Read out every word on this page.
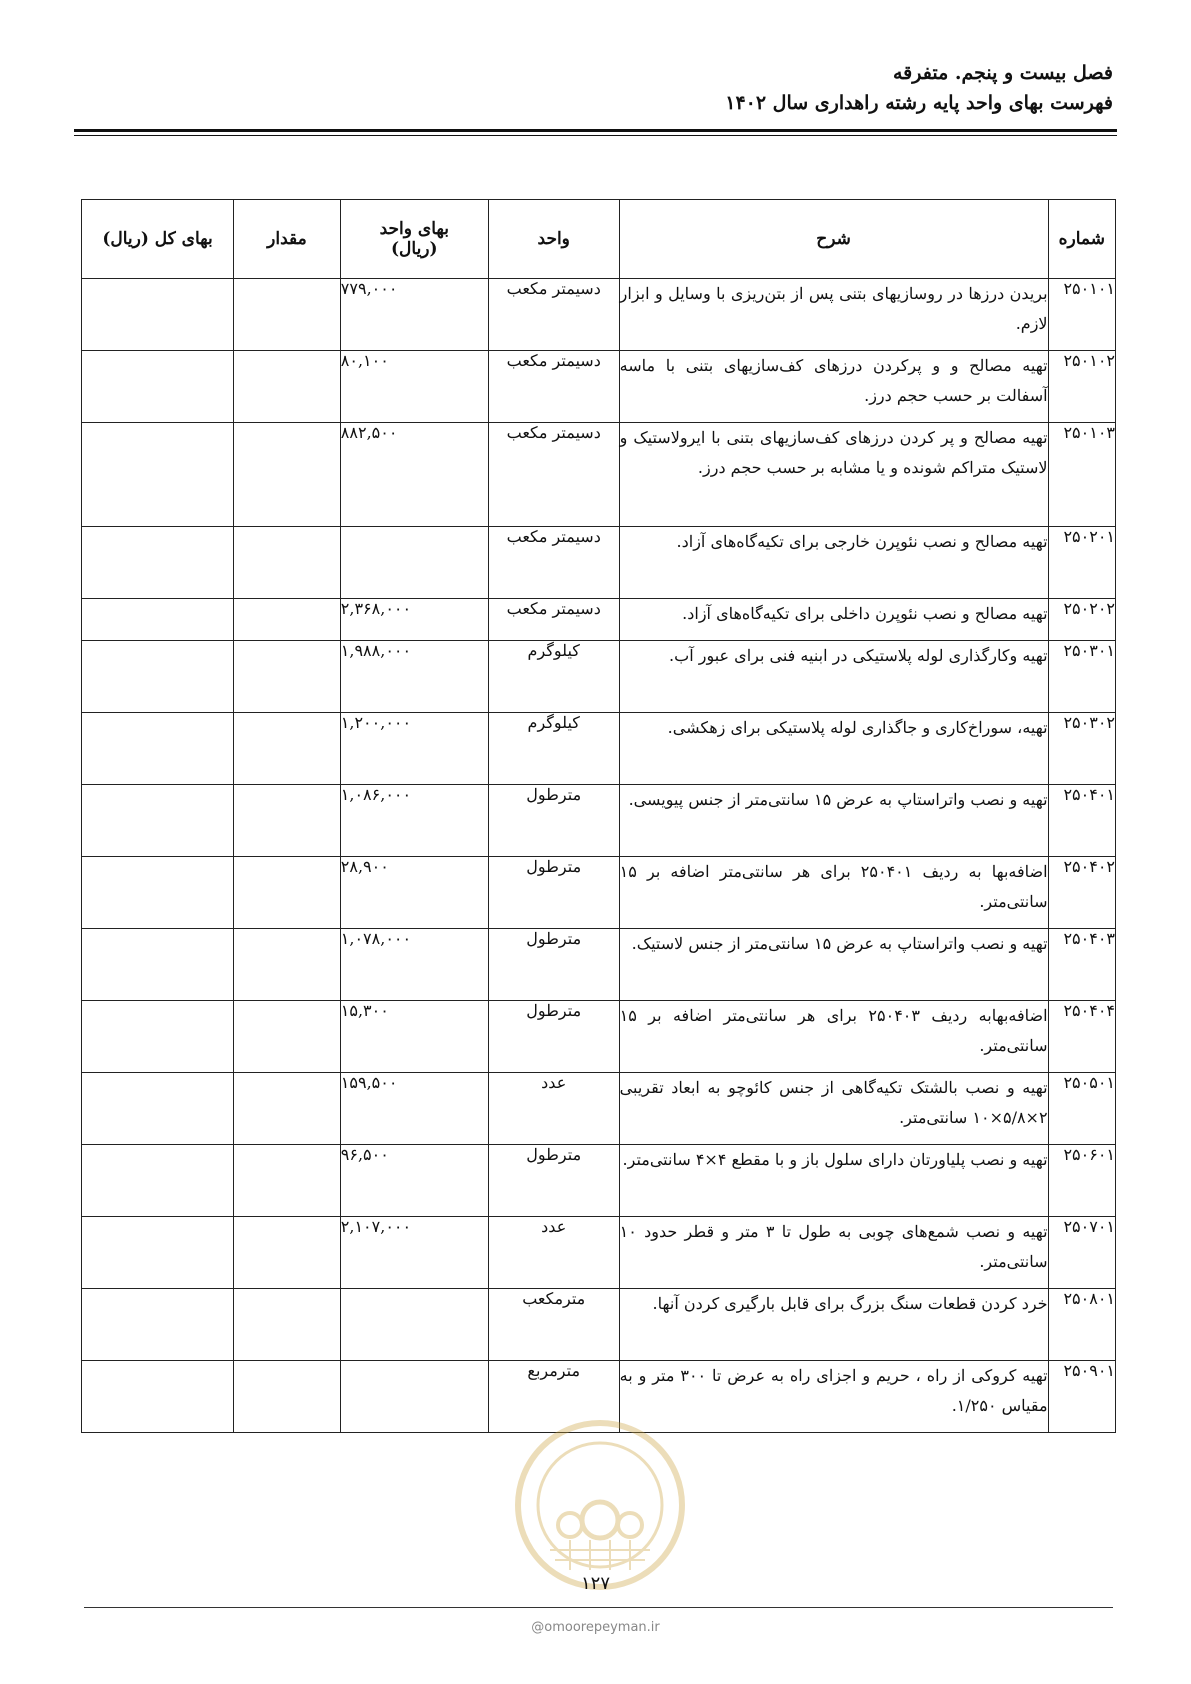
فصل بیست و پنجم. متفرقه
فهرست بهای واحد پایه رشته راهداری سال ۱۴۰۲
شماره	شرح	واحد	بهای واحد
(ریال)	مقدار	بهای کل (ریال)
۲۵۰۱۰۱	بریدن درزها در روسازیهای بتنی پس از بتن‌ریزی با وسایل و ابزار لازم.	دسیمتر مکعب	۷۷۹,۰۰۰		
۲۵۰۱۰۲	تهیه مصالح و و پرکردن درزهای کف‌سازیهای بتنی با ماسه آسفالت بر حسب حجم درز.	دسیمتر مکعب	۸۰,۱۰۰		
۲۵۰۱۰۳	تهیه مصالح و پر کردن درزهای کف‌سازیهای بتنی با ایرولاستیک و لاستیک متراکم شونده و یا مشابه بر حسب حجم درز.	دسیمتر مکعب	۸۸۲,۵۰۰		
۲۵۰۲۰۱	تهیه مصالح و نصب نئوپرن خارجی برای تکیه‌گاه‌های آزاد.	دسیمتر مکعب			
۲۵۰۲۰۲	تهیه مصالح و نصب نئوپرن داخلی برای تکیه‌گاه‌های آزاد.	دسیمتر مکعب	۲,۳۶۸,۰۰۰		
۲۵۰۳۰۱	تهیه وکارگذاری لوله پلاستیکی در ابنیه فنی برای عبور آب.	کیلوگرم	۱,۹۸۸,۰۰۰		
۲۵۰۳۰۲	تهیه، سوراخ‌کاری و جاگذاری لوله پلاستیکی برای زهکشی.	کیلوگرم	۱,۲۰۰,۰۰۰		
۲۵۰۴۰۱	تهیه و نصب واتراستاپ به عرض ۱۵ سانتی‌متر از جنس پیویسی.	مترطول	۱,۰۸۶,۰۰۰		
۲۵۰۴۰۲	اضافه‌بها به ردیف ۲۵۰۴۰۱ برای هر سانتی‌متر اضافه بر ۱۵ سانتی‌متر.	مترطول	۲۸,۹۰۰		
۲۵۰۴۰۳	تهیه و نصب واتراستاپ به عرض ۱۵ سانتی‌متر از جنس لاستیک.	مترطول	۱,۰۷۸,۰۰۰		
۲۵۰۴۰۴	اضافه‌بهابه ردیف ۲۵۰۴۰۳ برای هر سانتی‌متر اضافه بر ۱۵ سانتی‌متر.	مترطول	۱۵,۳۰۰		
۲۵۰۵۰۱	تهیه و نصب بالشتک تکیه‌گاهی از جنس کائوچو به ابعاد تقریبی ۲×۵/۸×۱۰ سانتی‌متر.	عدد	۱۵۹,۵۰۰		
۲۵۰۶۰۱	تهیه و نصب پلیاورتان دارای سلول باز و با مقطع ۴×۴ سانتی‌متر.	مترطول	۹۶,۵۰۰		
۲۵۰۷۰۱	تهیه و نصب شمع‌های چوبی به طول تا ۳ متر و قطر حدود ۱۰ سانتی‌متر.	عدد	۲,۱۰۷,۰۰۰		
۲۵۰۸۰۱	خرد کردن قطعات سنگ بزرگ برای قابل بارگیری کردن آنها.	مترمکعب			
۲۵۰۹۰۱	تهیه کروکی از راه ، حریم و اجزای راه به عرض تا ۳۰۰ متر و به مقیاس ۱/۲۵۰.	مترمربع			
۱۲۷
@omoorepeyman.ir
